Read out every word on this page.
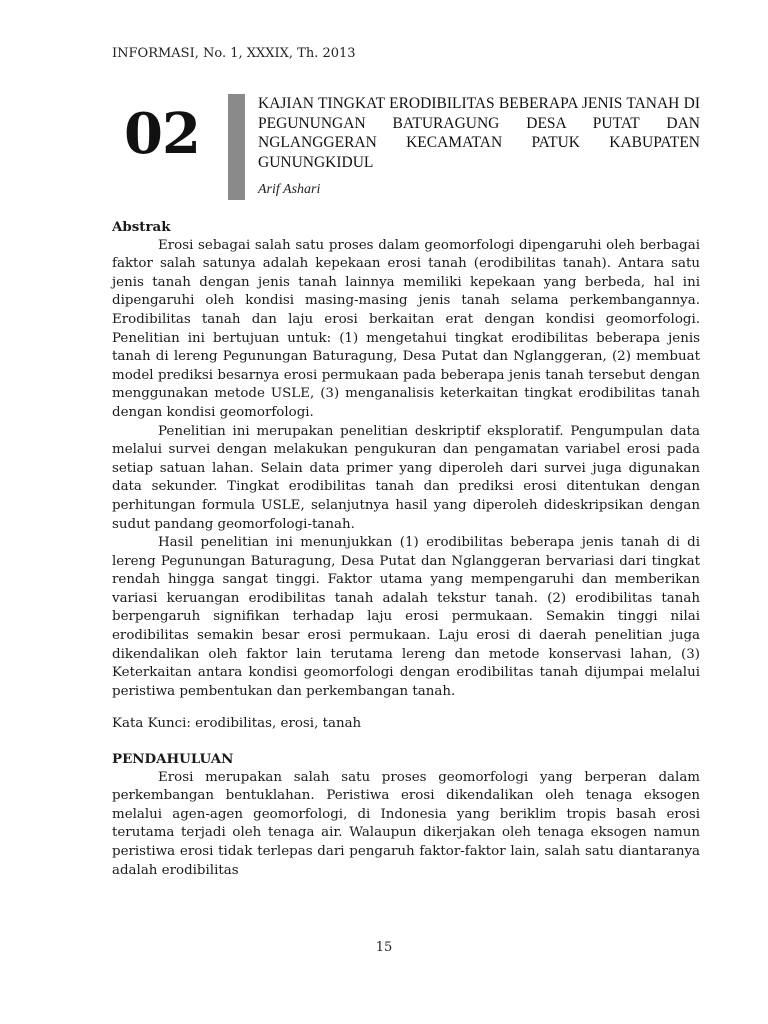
INFORMASI, No. 1, XXXIX, Th. 2013
02	KAJIAN TINGKAT ERODIBILITAS BEBERAPA JENIS TANAH DI PEGUNUNGAN BATURAGUNG DESA PUTAT DAN NGLANGGERAN KECAMATAN PATUK KABUPATEN GUNUNGKIDUL
Arif Ashari

Abstrak

Erosi sebagai salah satu proses dalam geomorfologi dipengaruhi oleh berbagai faktor salah satunya adalah kepekaan erosi tanah (erodibilitas tanah). Antara satu jenis tanah dengan jenis tanah lainnya memiliki kepekaan yang berbeda, hal ini dipengaruhi oleh kondisi masing-masing jenis tanah selama perkembangannya. Erodibilitas tanah dan laju erosi berkaitan erat dengan kondisi geomorfologi. Penelitian ini bertujuan untuk: (1) mengetahui tingkat erodibilitas beberapa jenis tanah di lereng Pegunungan Baturagung, Desa Putat dan Nglanggeran, (2) membuat model prediksi besarnya erosi permukaan pada beberapa jenis tanah tersebut dengan menggunakan metode USLE, (3) menganalisis keterkaitan tingkat erodibilitas tanah dengan kondisi geomorfologi.

Penelitian ini merupakan penelitian deskriptif eksploratif. Pengumpulan data melalui survei dengan melakukan pengukuran dan pengamatan variabel erosi pada setiap satuan lahan. Selain data primer yang diperoleh dari survei juga digunakan data sekunder. Tingkat erodibilitas tanah dan prediksi erosi ditentukan dengan perhitungan formula USLE, selanjutnya hasil yang diperoleh dideskripsikan dengan sudut pandang geomorfologi-tanah.

Hasil penelitian ini menunjukkan (1) erodibilitas beberapa jenis tanah di di lereng Pegunungan Baturagung, Desa Putat dan Nglanggeran bervariasi dari tingkat rendah hingga sangat tinggi. Faktor utama yang mempengaruhi dan memberikan variasi keruangan erodibilitas tanah adalah tekstur tanah. (2) erodibilitas tanah berpengaruh signifikan terhadap laju erosi permukaan. Semakin tinggi nilai erodibilitas semakin besar erosi permukaan. Laju erosi di daerah penelitian juga dikendalikan oleh faktor lain terutama lereng dan metode konservasi lahan, (3) Keterkaitan antara kondisi geomorfologi dengan erodibilitas tanah dijumpai melalui peristiwa pembentukan dan perkembangan tanah.

Kata Kunci: erodibilitas, erosi, tanah

PENDAHULUAN

Erosi merupakan salah satu proses geomorfologi yang berperan dalam perkembangan bentuklahan. Peristiwa erosi dikendalikan oleh tenaga eksogen melalui agen-agen geomorfologi, di Indonesia yang beriklim tropis basah erosi terutama terjadi oleh tenaga air. Walaupun dikerjakan oleh tenaga eksogen namun peristiwa erosi tidak terlepas dari pengaruh faktor-faktor lain, salah satu diantaranya adalah erodibilitas

15
